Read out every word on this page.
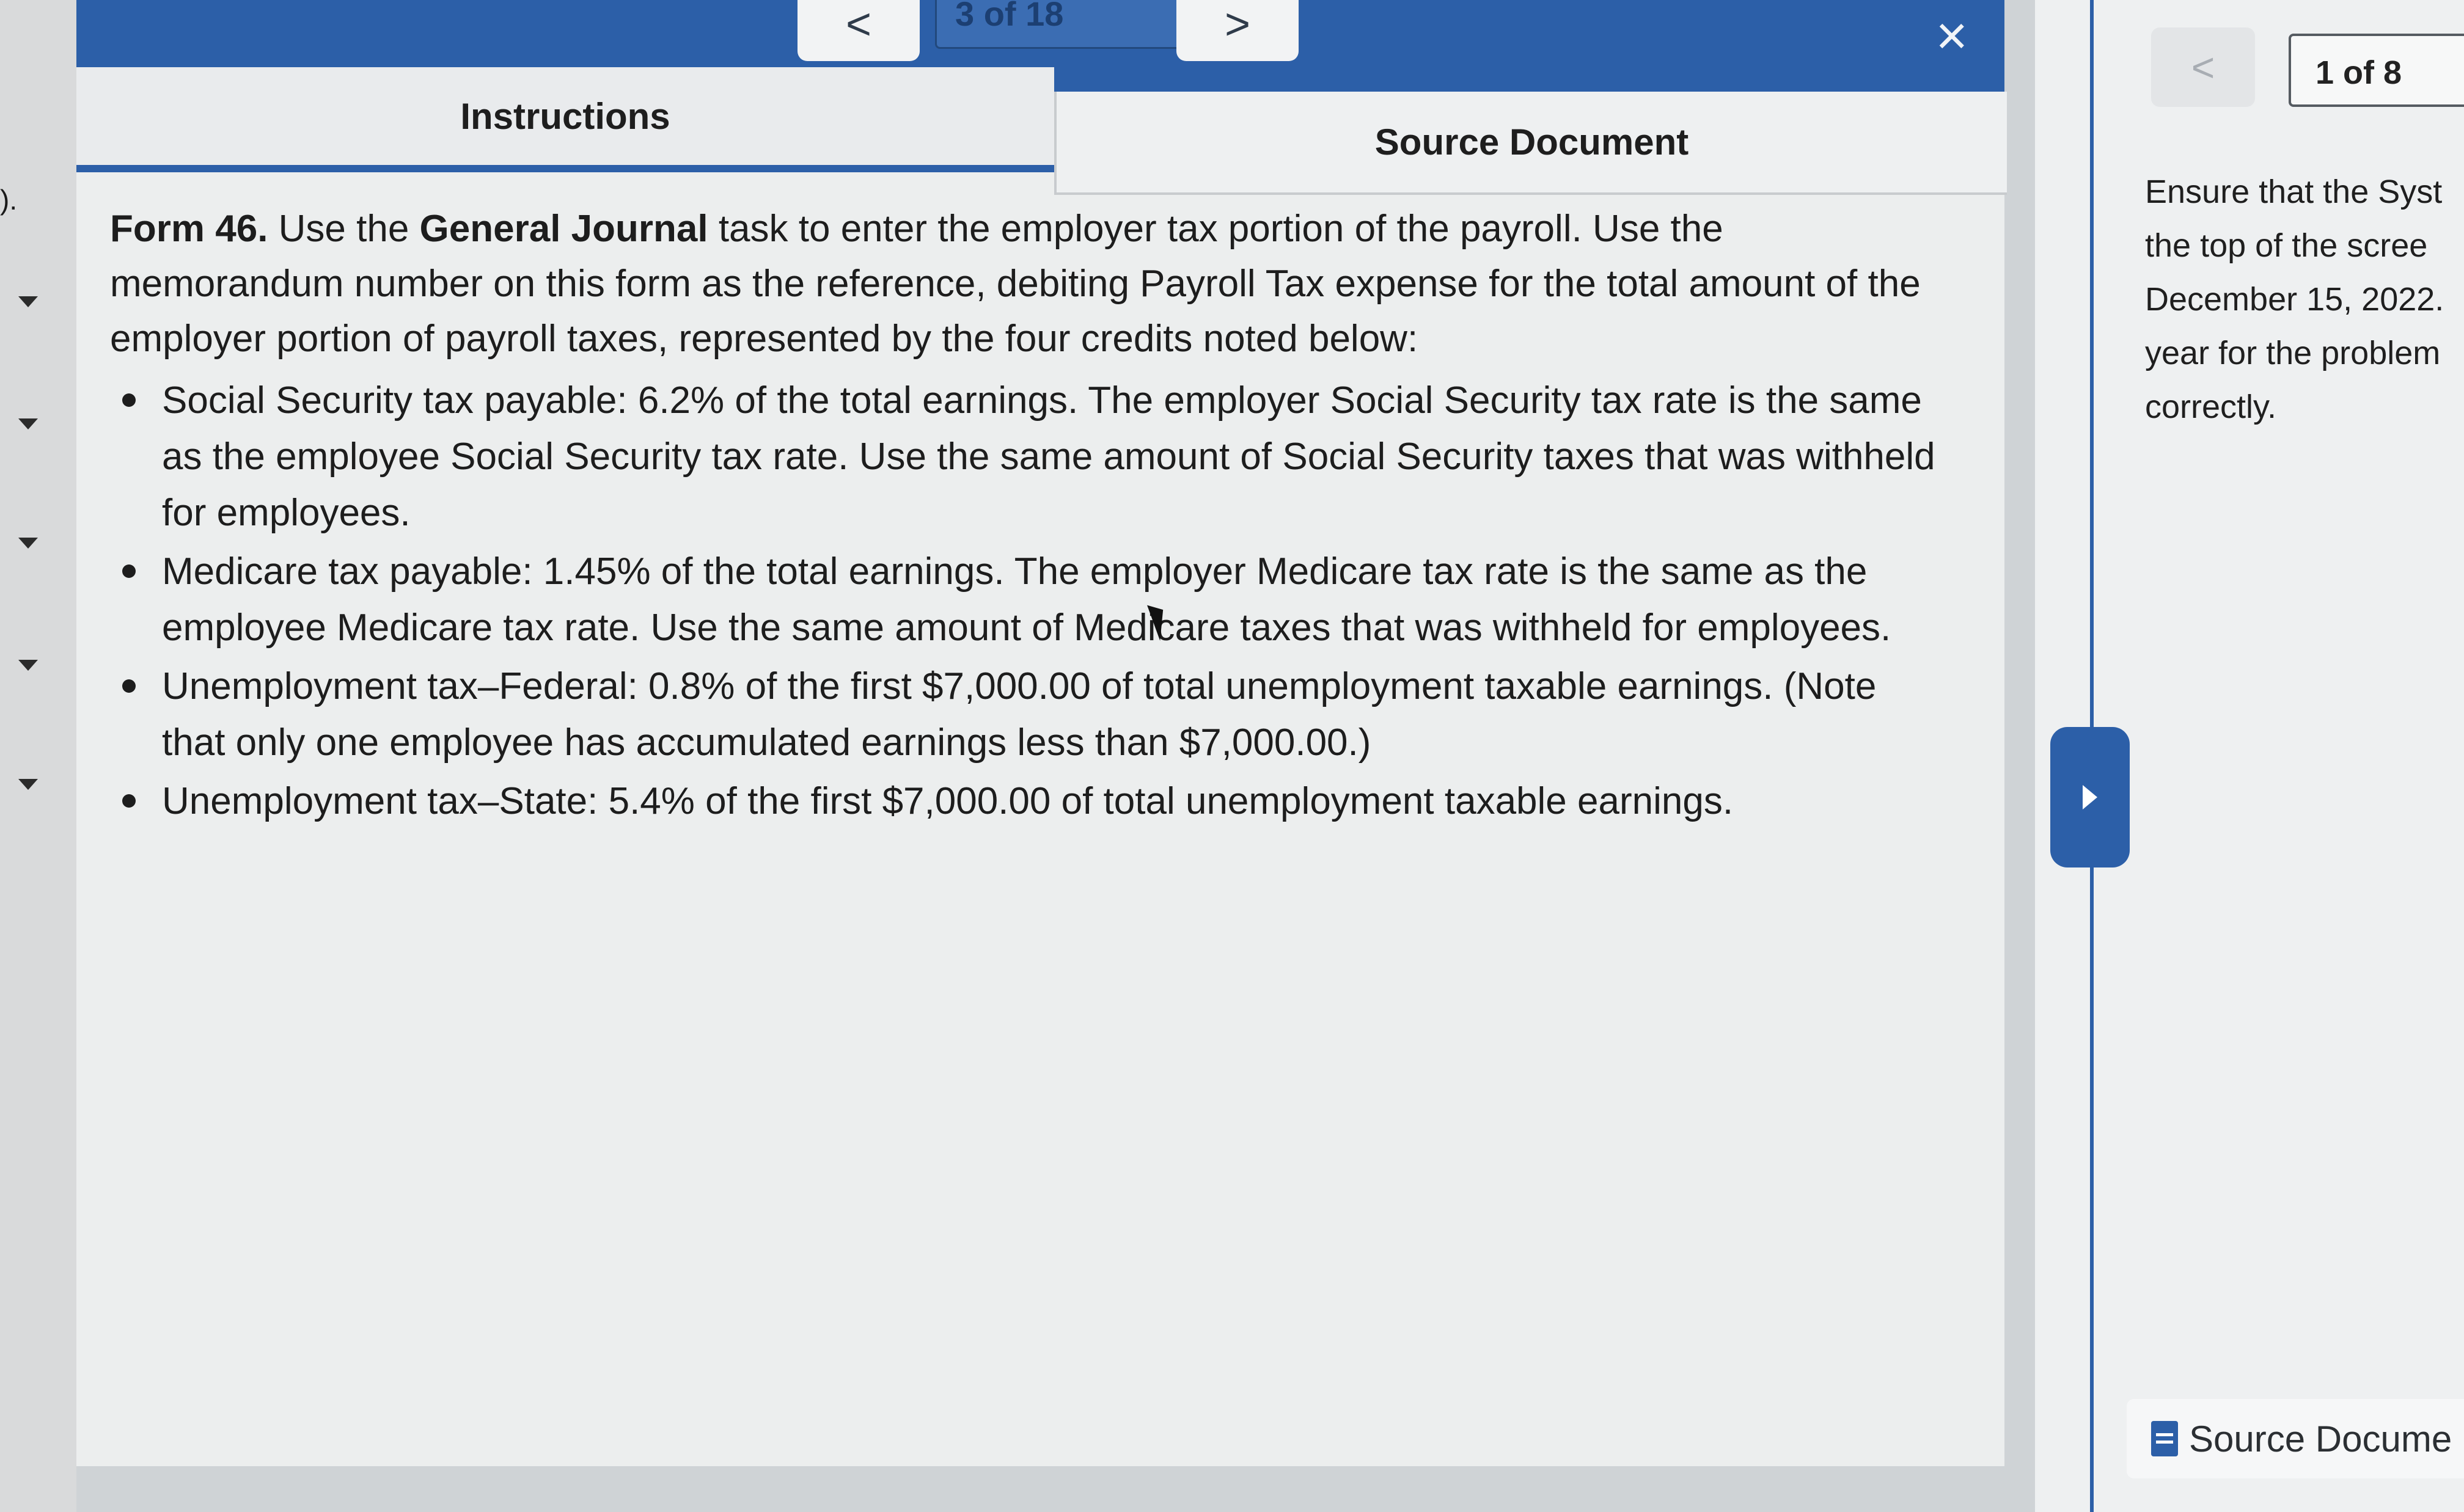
).
<	3 of 18	>	×
Instructions
Source Document

Form 46. Use the General Journal task to enter the employer tax portion of the payroll. Use the memorandum number on this form as the reference, debiting Payroll Tax expense for the total amount of the employer portion of payroll taxes, represented by the four credits noted below:

Social Security tax payable: 6.2% of the total earnings. The employer Social Security tax rate is the same as the employee Social Security tax rate. Use the same amount of Social Security taxes that was withheld for employees.
Medicare tax payable: 1.45% of the total earnings. The employer Medicare tax rate is the same as the employee Medicare tax rate. Use the same amount of Medicare taxes that was withheld for employees.
Unemployment tax–Federal: 0.8% of the first $7,000.00 of total unemployment taxable earnings. (Note that only one employee has accumulated earnings less than $7,000.00.)
Unemployment tax–State: 5.4% of the first $7,000.00 of total unemployment taxable earnings.
<	1 of 8
Ensure that the Syst
the top of the scree
December 15, 2022.
year for the problem
correctly.
Source Docume
